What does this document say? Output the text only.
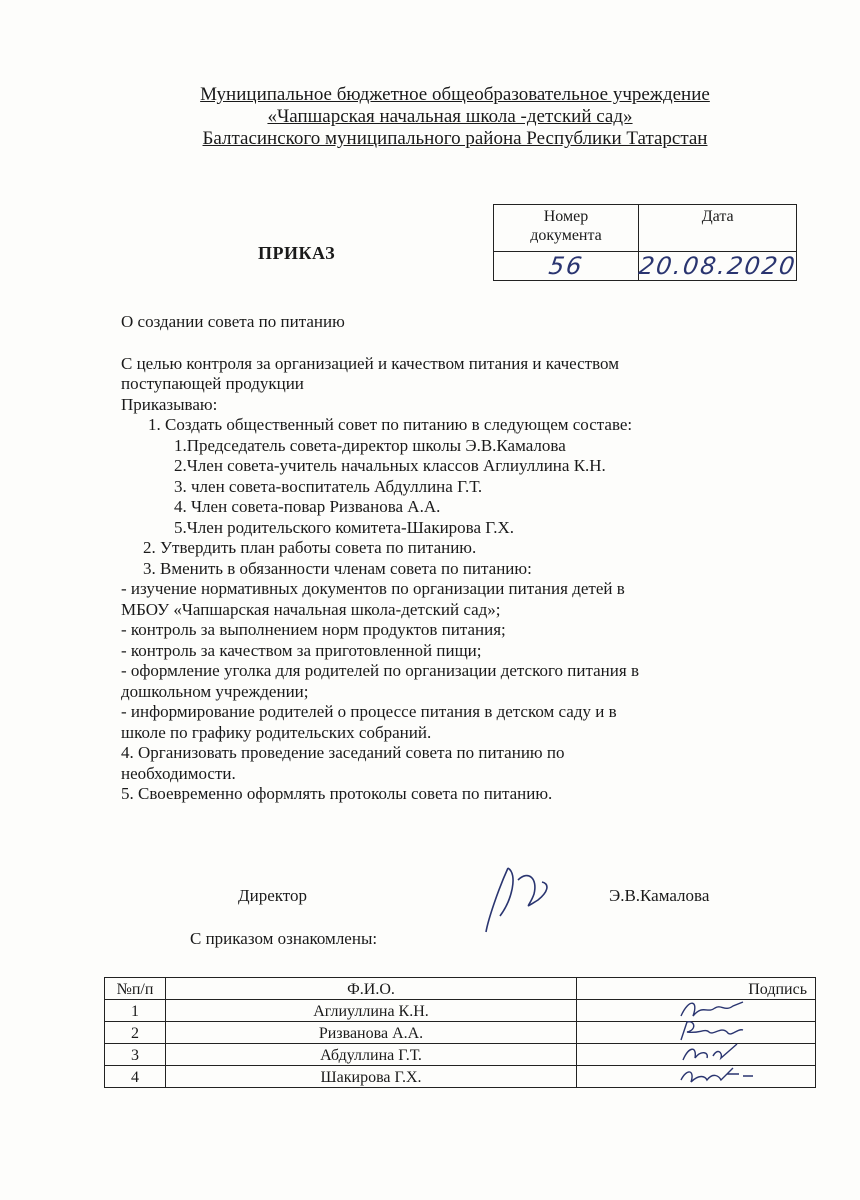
Муниципальное бюджетное общеобразовательное учреждение
«Чапшарская начальная школа -детский сад»
Балтасинского муниципального района Республики Татарстан
ПРИКАЗ
Номер
документа	Дата
56	20.08.2020

О создании совета по питанию

С целью контроля за организацией и качеством питания и качеством

поступающей продукции

Приказываю:

1. Создать общественный совет по питанию в следующем составе:

1.Председатель совета-директор школы Э.В.Камалова

2.Член совета-учитель начальных классов Аглиуллина К.Н.

3. член совета-воспитатель Абдуллина Г.Т.

4. Член совета-повар Ризванова А.А.

5.Член родительского комитета-Шакирова Г.Х.

2. Утвердить план работы совета по питанию.

3. Вменить в обязанности членам совета по питанию:

- изучение нормативных документов по организации питания детей в

МБОУ «Чапшарская начальная школа-детский сад»;

- контроль за выполнением норм продуктов питания;

- контроль за качеством за приготовленной пищи;

- оформление уголка для родителей по организации детского питания в

дошкольном учреждении;

- информирование родителей о процессе питания в детском саду и в

школе по графику родительских собраний.

4. Организовать проведение заседаний совета по питанию по

необходимости.

5. Своевременно оформлять протоколы совета по питанию.

Директор	Э.В.Камалова
С приказом ознакомлены:
№п/п	Ф.И.О.	Подпись
1	Аглиуллина К.Н.	

2	Ризванова А.А.	

3	Абдуллина Г.Т.	

4	Шакирова Г.Х.	
